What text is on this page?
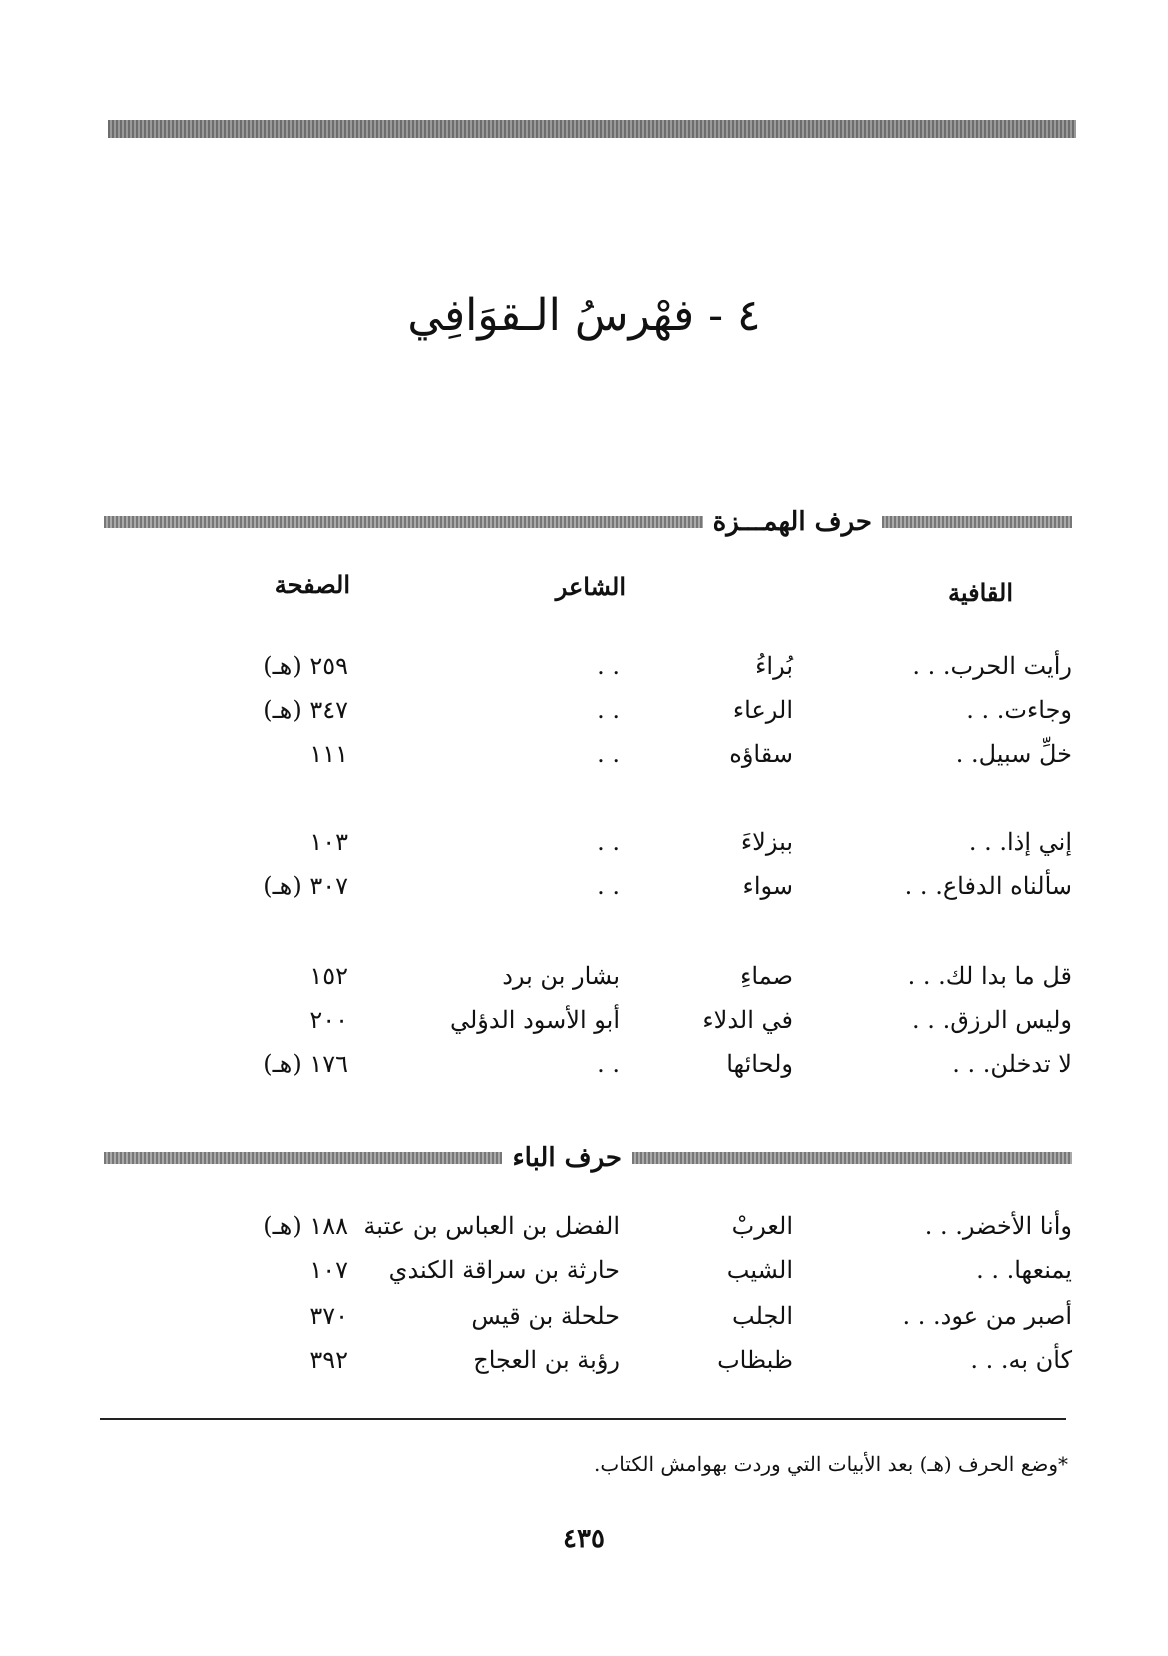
٤ - فهْرسُ الـقوَافِي
حرف الهمـــزة
القافية
الشاعر
الصفحة
رأيت الحرب. . .
بُراءُ
. .
٢٥٩ (هـ)
وجاءت. . .
الرعاء
. .
٣٤٧ (هـ)
خلِّ سبيل. .
سقاؤه
. .
١١١
إني إذا. . .
ببزلاءَ
. .
١٠٣
سألناه الدفاع. . .
سواء
. .
٣٠٧ (هـ)
قل ما بدا لك. . .
صماءِ
بشار بن برد
١٥٢
وليس الرزق. . .
في الدلاء
أبو الأسود الدؤلي
٢٠٠
لا تدخلن. . .
ولحائها
. .
١٧٦ (هـ)
حرف الباء
وأنا الأخضر. . .
العربْ
الفضل بن العباس بن عتبة
١٨٨ (هـ)
يمنعها. . .
الشيب
حارثة بن سراقة الكندي
١٠٧
أصبر من عود. . .
الجلب
حلحلة بن قيس
٣٧٠
كأن به. . .
ظبظاب
رؤبة بن العجاج
٣٩٢
*وضع الحرف (هـ) بعد الأبيات التي وردت بهوامش الكتاب.
٤٣٥
